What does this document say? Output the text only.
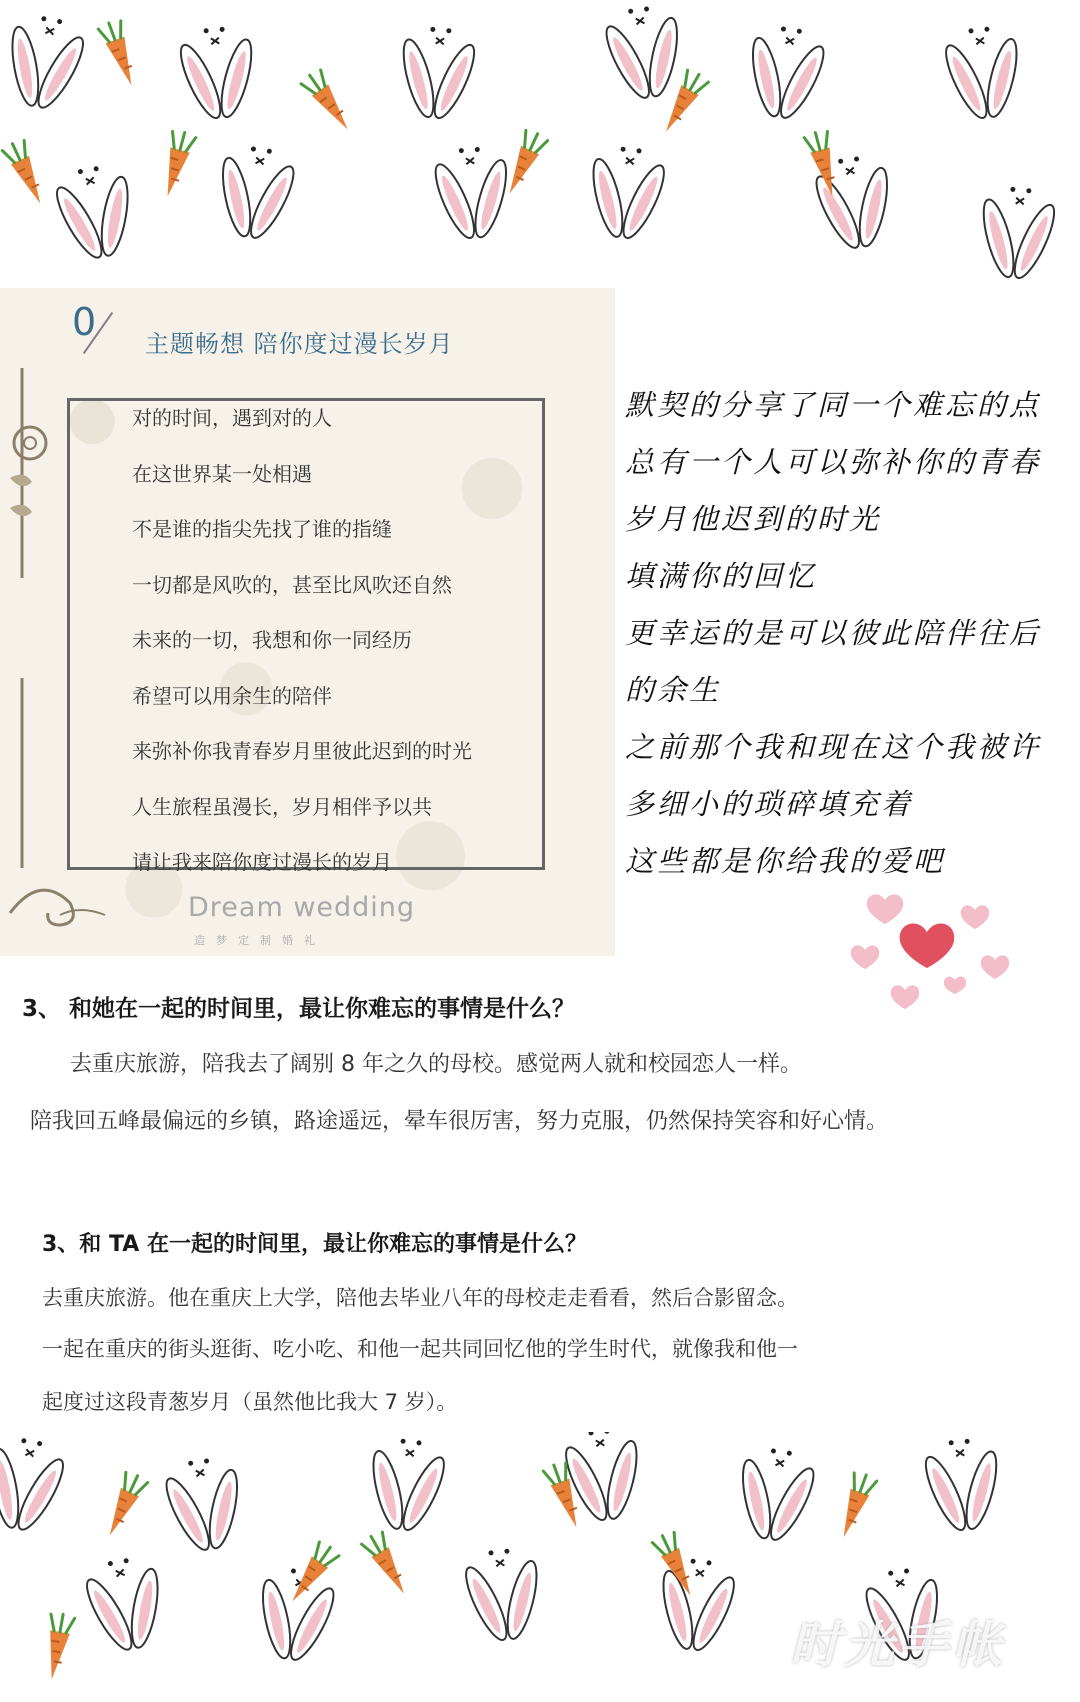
0 主题畅想 陪你度过漫长岁月
对的时间，遇到对的人
在这世界某一处相遇
不是谁的指尖先找了谁的指缝
一切都是风吹的，甚至比风吹还自然
未来的一切，我想和你一同经历
希望可以用余生的陪伴
来弥补你我青春岁月里彼此迟到的时光
人生旅程虽漫长，岁月相伴予以共
请让我来陪你度过漫长的岁月
Dream wedding
造梦定制婚礼
默契的分享了同一个难忘的点
总有一个人可以弥补你的青春
岁月他迟到的时光
填满你的回忆
更幸运的是可以彼此陪伴往后
的余生
之前那个我和现在这个我被许
多细小的琐碎填充着
这些都是你给我的爱吧
3、 和她在一起的时间里，最让你难忘的事情是什么？
去重庆旅游，陪我去了阔别 8 年之久的母校。感觉两人就和校园恋人一样。
陪我回五峰最偏远的乡镇，路途遥远，晕车很厉害，努力克服，仍然保持笑容和好心情。
3、和 TA 在一起的时间里，最让你难忘的事情是什么？
去重庆旅游。他在重庆上大学，陪他去毕业八年的母校走走看看，然后合影留念。
一起在重庆的街头逛街、吃小吃、和他一起共同回忆他的学生时代，就像我和他一
起度过这段青葱岁月（虽然他比我大 7 岁）。
时光手帐
